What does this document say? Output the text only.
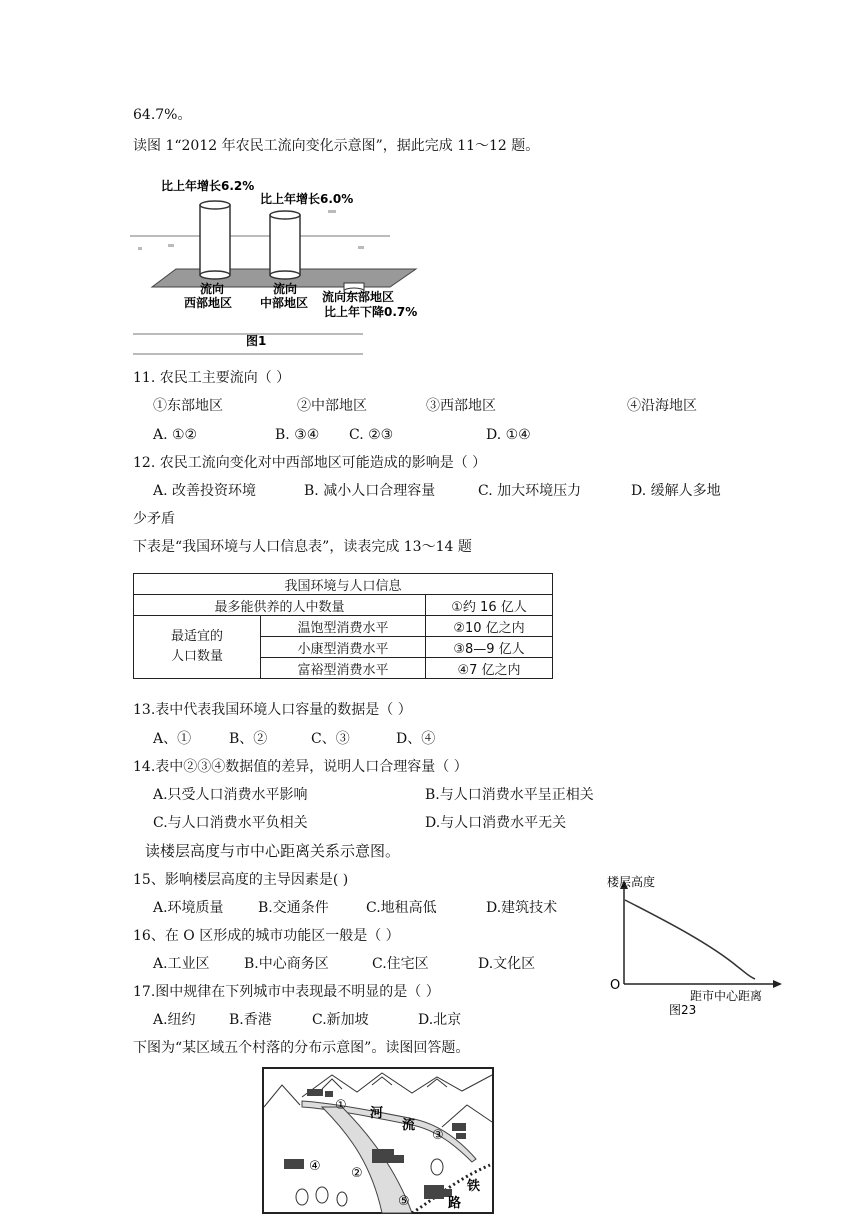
64.7%。
读图 1“2012 年农民工流向变化示意图”，据此完成 11～12 题。
比上年增长6.2%
比上年增长6.0%
流向
西部地区
流向
中部地区 流向东部地区
比上年下降0.7%
图1
11. 农民工主要流向（ ）
①东部地区	②中部地区	③西部地区	④沿海地区
A. ①②	B. ③④ C. ②③	D. ①④
12. 农民工流向变化对中西部地区可能造成的影响是（ ）
A. 改善投资环境	B. 减小人口合理容量	C. 加大环境压力	D. 缓解人多地
少矛盾
下表是“我国环境与人口信息表”，读表完成 13～14 题
我国环境与人口信息		
最多能供养的人中数量		①约 16 亿人

最适宜的
人口数量	温饱型消费水平	②10 亿之内
	小康型消费水平	③8—9 亿人
	富裕型消费水平	④7 亿之内
13.表中代表我国环境人口容量的数据是（ ）
A、①	B、②	C、③	D、④
14.表中②③④数据值的差异，说明人口合理容量（ ）
A.只受人口消费水平影响	B.与人口消费水平呈正相关
C.与人口消费水平负相关	D.与人口消费水平无关
读楼层高度与市中心距离关系示意图。
15、影响楼层高度的主导因素是( )
A.环境质量 B.交通条件	C.地租高低	D.建筑技术
16、在 O 区形成的城市功能区一般是（ ）
A.工业区 B.中心商务区	C.住宅区	D.文化区
17.图中规律在下列城市中表现最不明显的是（ ）
A.纽约 B.香港	C.新加坡	D.北京
楼层高度
O
距市中心距离
图23
下图为“某区域五个村落的分布示意图”。读图回答题。
①
③
④ ②
⑤
河
流
铁
路
